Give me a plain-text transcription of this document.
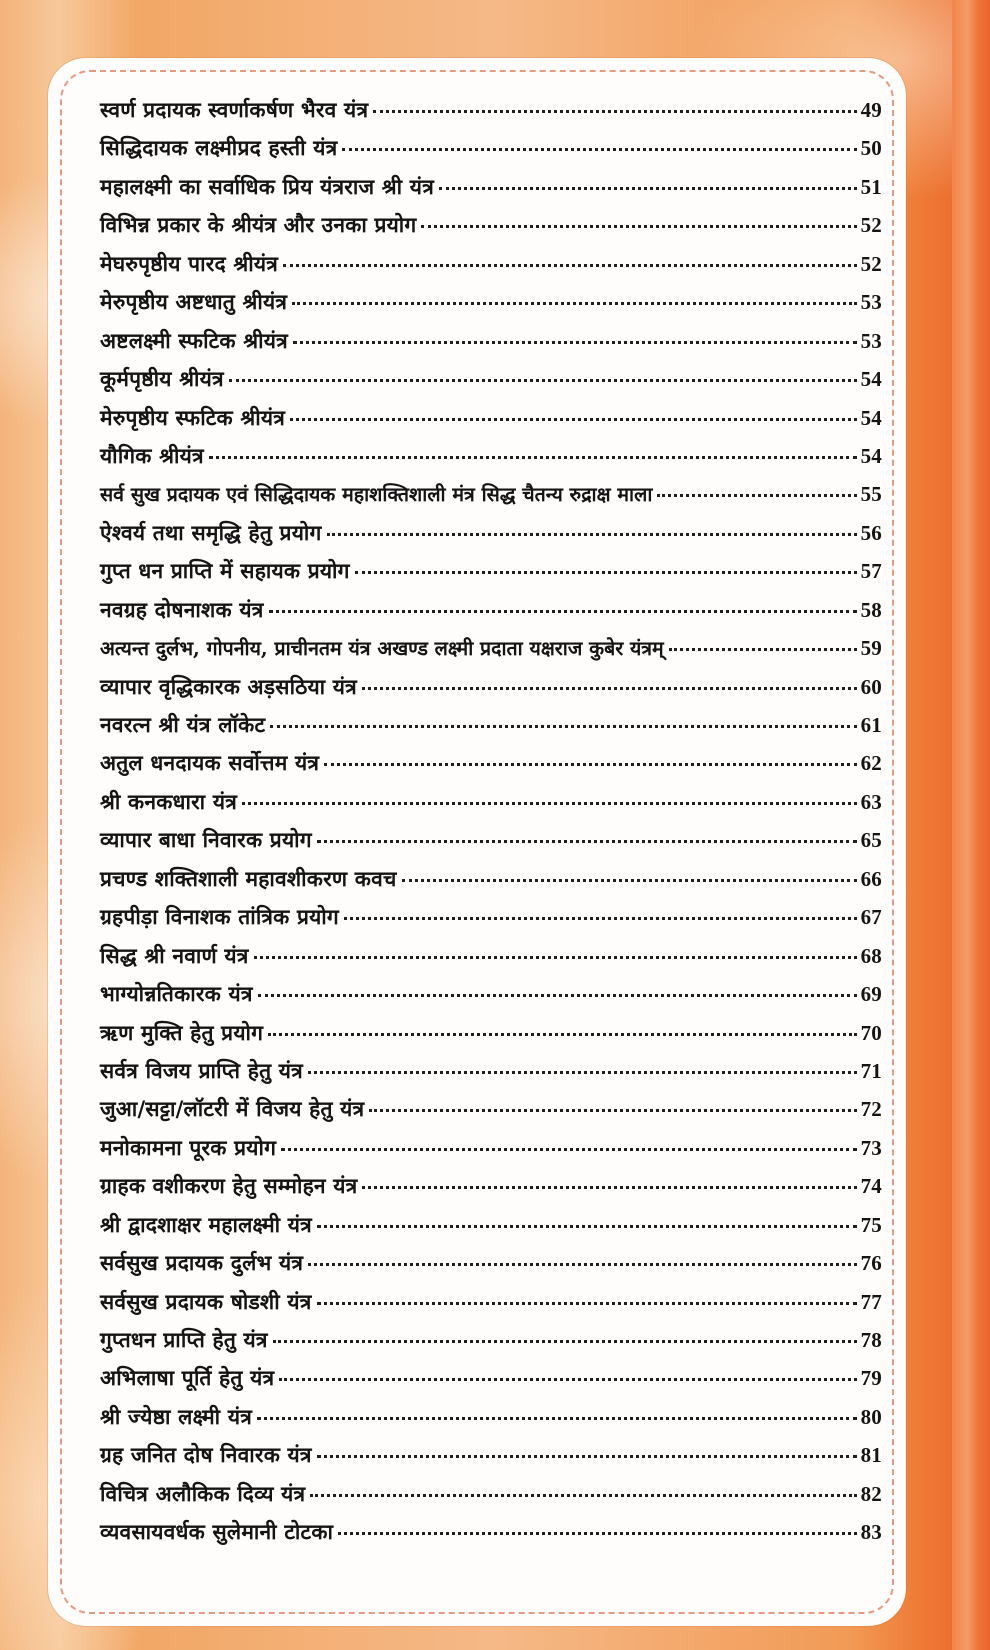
स्वर्ण प्रदायक स्वर्णाकर्षण भैरव यंत्र	49
सिद्धिदायक लक्ष्मीप्रद हस्ती यंत्र	50
महालक्ष्मी का सर्वाधिक प्रिय यंत्रराज श्री यंत्र	51
विभिन्न प्रकार के श्रीयंत्र और उनका प्रयोग	52
मेघरुपृष्ठीय पारद श्रीयंत्र	52
मेरुपृष्ठीय अष्टधातु श्रीयंत्र	53
अष्टलक्ष्मी स्फटिक श्रीयंत्र	53
कूर्मपृष्ठीय श्रीयंत्र	54
मेरुपृष्ठीय स्फटिक श्रीयंत्र	54
यौगिक श्रीयंत्र	54
सर्व सुख प्रदायक एवं सिद्धिदायक महाशक्तिशाली मंत्र सिद्ध चैतन्य रुद्राक्ष माला	55
ऐश्वर्य तथा समृद्धि हेतु प्रयोग	56
गुप्त धन प्राप्ति में सहायक प्रयोग	57
नवग्रह दोषनाशक यंत्र	58
अत्यन्त दुर्लभ, गोपनीय, प्राचीनतम यंत्र अखण्ड लक्ष्मी प्रदाता यक्षराज कुबेर यंत्रम्	59
व्यापार वृद्धिकारक अड़सठिया यंत्र	60
नवरत्न श्री यंत्र लॉकेट	61
अतुल धनदायक सर्वोत्तम यंत्र	62
श्री कनकधारा यंत्र	63
व्यापार बाधा निवारक प्रयोग	65
प्रचण्ड शक्तिशाली महावशीकरण कवच	66
ग्रहपीड़ा विनाशक तांत्रिक प्रयोग	67
सिद्ध श्री नवार्ण यंत्र	68
भाग्योन्नतिकारक यंत्र	69
ऋण मुक्ति हेतु प्रयोग	70
सर्वत्र विजय प्राप्ति हेतु यंत्र	71
जुआ/सट्टा/लॉटरी में विजय हेतु यंत्र	72
मनोकामना पूरक प्रयोग	73
ग्राहक वशीकरण हेतु सम्मोहन यंत्र	74
श्री द्वादशाक्षर महालक्ष्मी यंत्र	75
सर्वसुख प्रदायक दुर्लभ यंत्र	76
सर्वसुख प्रदायक षोडशी यंत्र	77
गुप्तधन प्राप्ति हेतु यंत्र	78
अभिलाषा पूर्ति हेतु यंत्र	79
श्री ज्येष्ठा लक्ष्मी यंत्र	80
ग्रह जनित दोष निवारक यंत्र	81
विचित्र अलौकिक दिव्य यंत्र	82
व्यवसायवर्धक सुलेमानी टोटका	83
